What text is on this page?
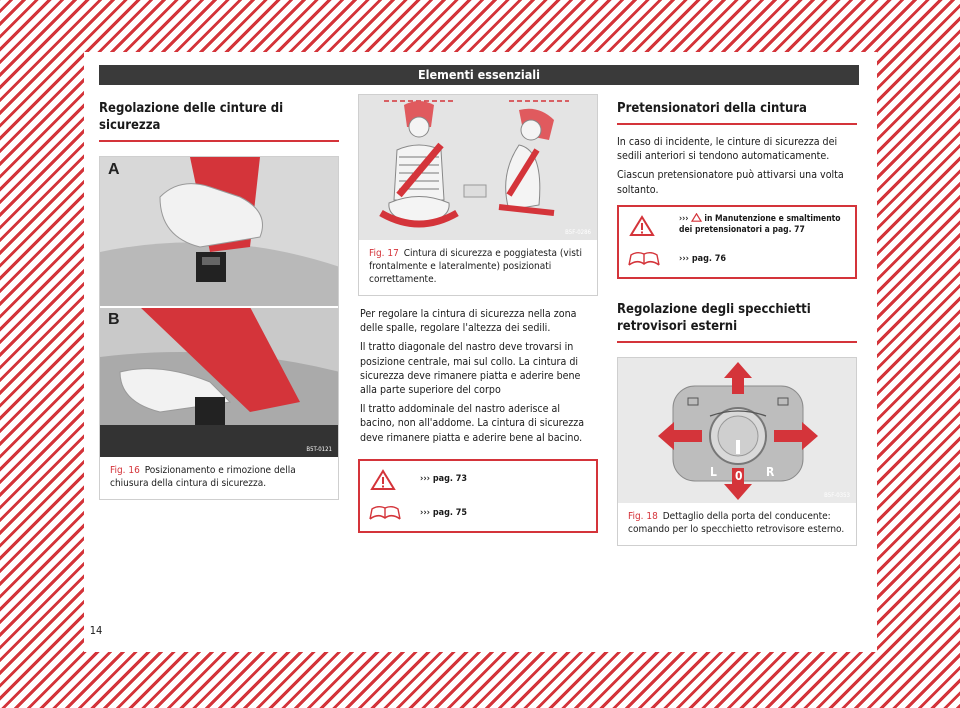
Elementi essenziali
Regolazione delle cinture di sicurezza
A
B
B5T-0121
Fig. 16 Posizionamento e rimozione della chiusura della cintura di sicurezza.
B5F-0286
Fig. 17 Cintura di sicurezza e poggiatesta (visti frontalmente e lateralmente) posizionati correttamente.

Per regolare la cintura di sicurezza nella zona delle spalle, regolare l'altezza dei sedili.

Il tratto diagonale del nastro deve trovarsi in posizione centrale, mai sul collo. La cintura di sicurezza deve rimanere piatta e aderire bene alla parte superiore del corpo

Il tratto addominale del nastro aderisce al bacino, non all'addome. La cintura di sicurezza deve rimanere piatta e aderire bene al bacino.

››› pag. 73
››› pag. 75
Pretensionatori della cintura

In caso di incidente, le cinture di sicurezza dei sedili anteriori si tendono automaticamente.

Ciascun pretensionatore può attivarsi una volta soltanto.

››› in Manutenzione e smaltimento dei pretensionatori a pag. 77
››› pag. 76
Regolazione degli specchietti retrovisori esterni
L 0 R
B5F-0353
Fig. 18 Dettaglio della porta del conducente: comando per lo specchietto retrovisore esterno.
14
